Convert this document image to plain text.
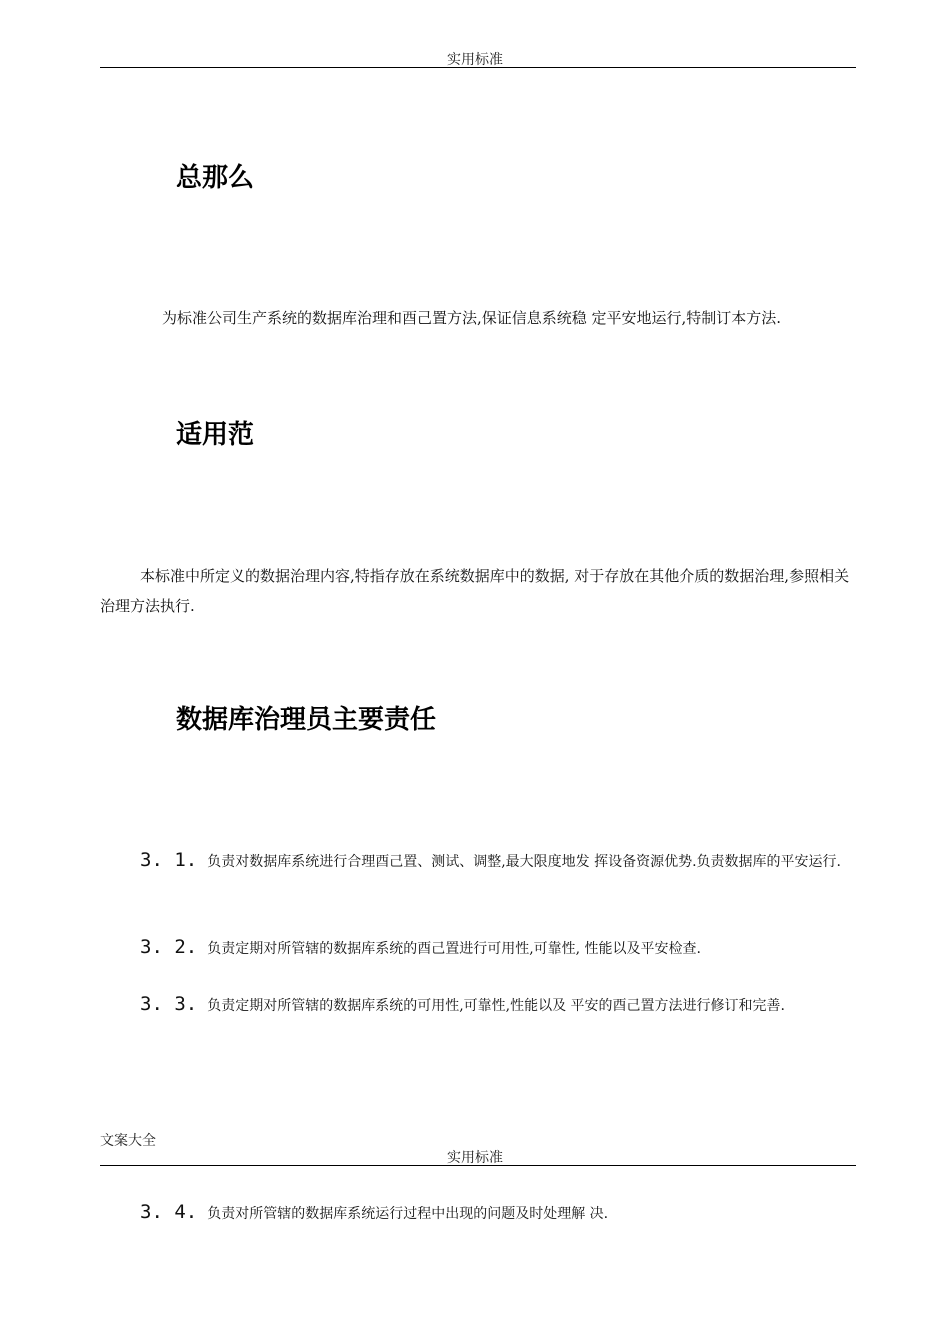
实用标准
总那么
为标准公司生产系统的数据库治理和酉己置方法,保证信息系统稳 定平安地运行,特制订本方法.
适用范
本标准中所定义的数据治理内容,特指存放在系统数据库中的数据, 对于存放在其他介质的数据治理,参照相关治理方法执行.
数据库治理员主要责任
3. 1. 负责对数据库系统进行合理酉己置、测试、调整,最大限度地发 挥设备资源优势.负责数据库的平安运行.
3. 2. 负责定期对所管辖的数据库系统的酉己置进行可用性,可靠性, 性能以及平安检查.
3. 3. 负责定期对所管辖的数据库系统的可用性,可靠性,性能以及 平安的酉己置方法进行修订和完善.
文案大全
实用标准
3. 4. 负责对所管辖的数据库系统运行过程中出现的问题及时处理解 决.
